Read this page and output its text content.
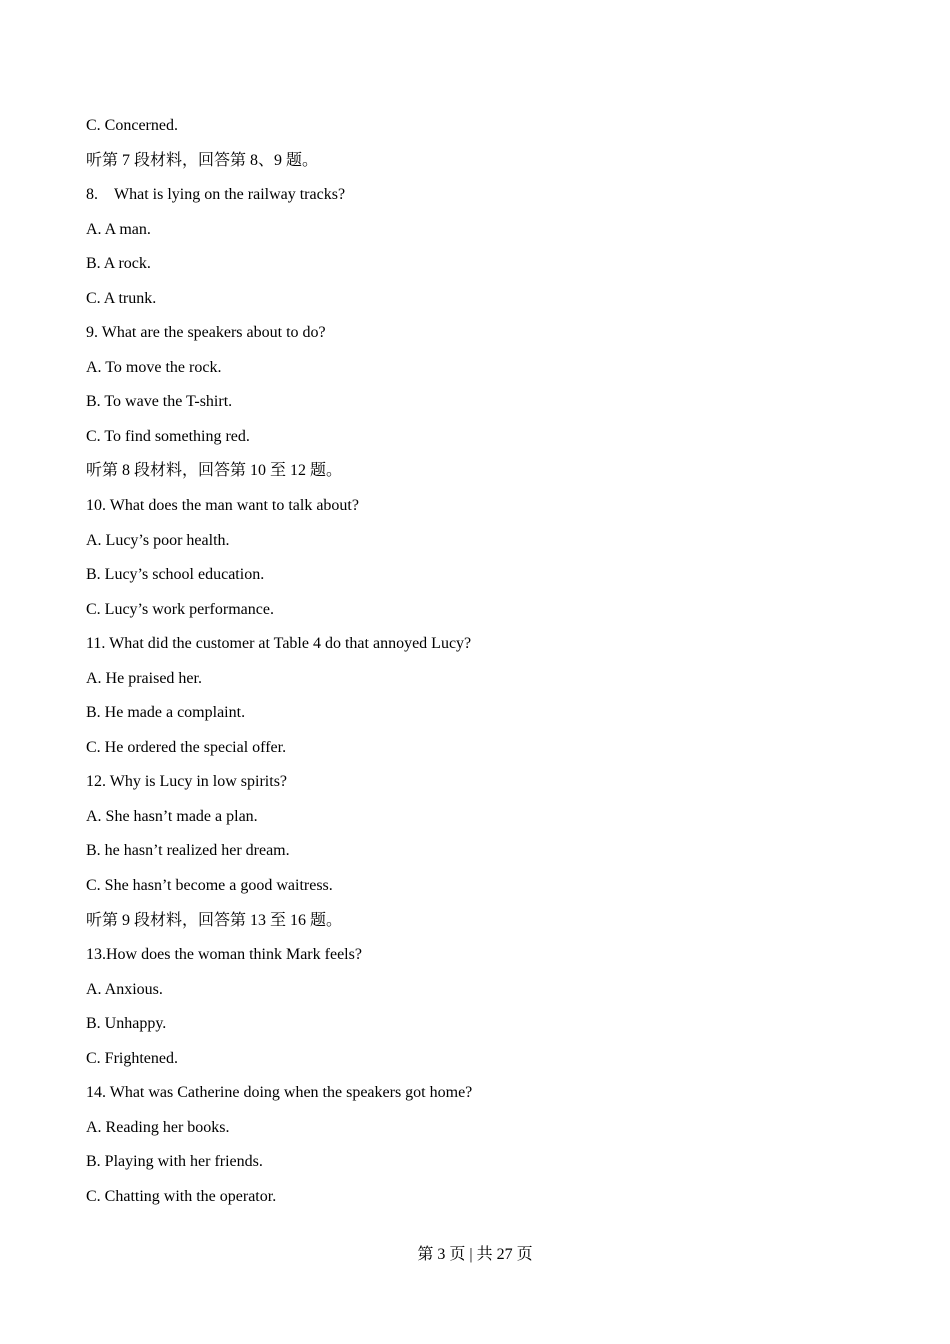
C. Concerned.
听第 7 段材料，回答第 8、9 题。
8.    What is lying on the railway tracks?
A. A man.
B. A rock.
C. A trunk.
9. What are the speakers about to do?
A. To move the rock.
B. To wave the T-shirt.
C. To find something red.
听第 8 段材料，回答第 10 至 12 题。
10. What does the man want to talk about?
A. Lucy’s poor health.
B. Lucy’s school education.
C. Lucy’s work performance.
11. What did the customer at Table 4 do that annoyed Lucy?
A. He praised her.
B. He made a complaint.
C. He ordered the special offer.
12. Why is Lucy in low spirits?
A. She hasn’t made a plan.
B. he hasn’t realized her dream.
C. She hasn’t become a good waitress.
听第 9 段材料，回答第 13 至 16 题。
13.How does the woman think Mark feels?
A. Anxious.
B. Unhappy.
C. Frightened.
14. What was Catherine doing when the speakers got home?
A. Reading her books.
B. Playing with her friends.
C. Chatting with the operator.
第 3 页 | 共 27 页
